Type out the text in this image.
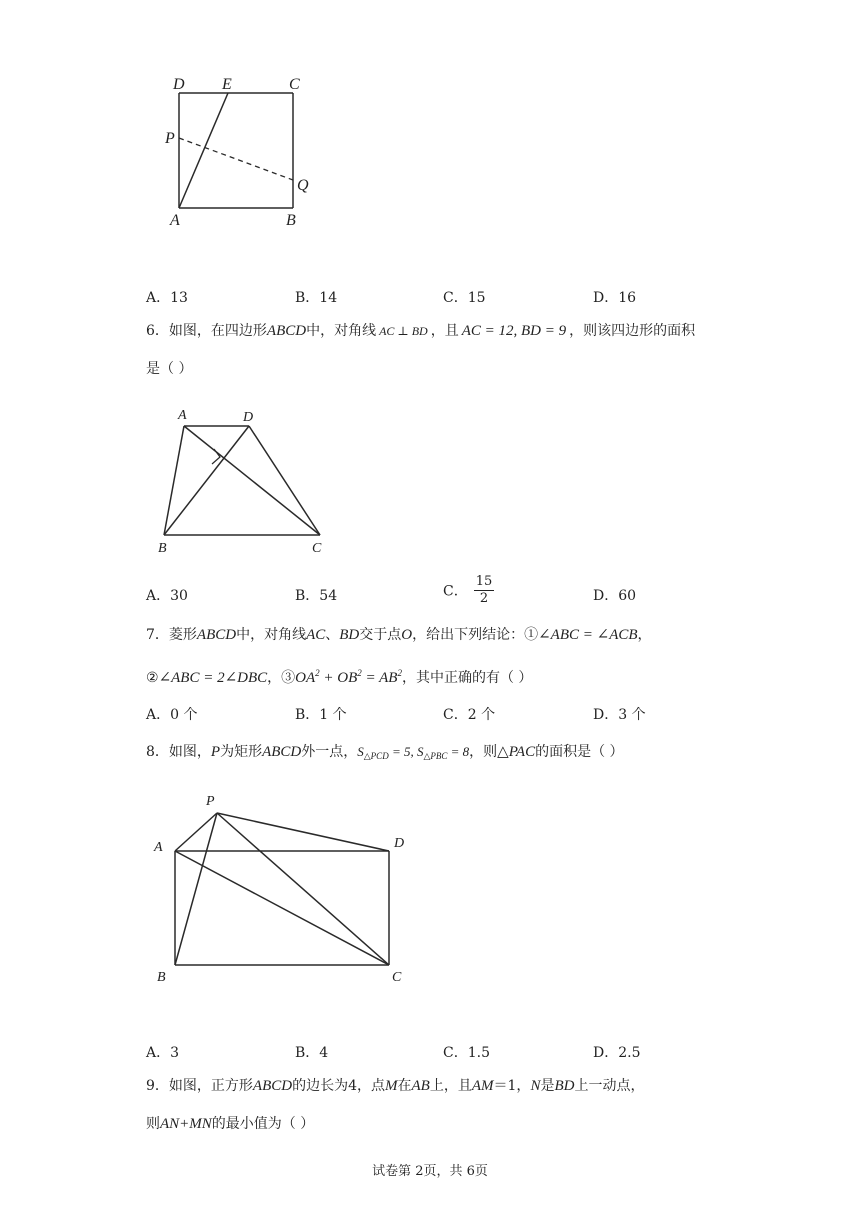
D E	C
P
Q
A	B
A．13	B．14	C．15	D．16
6．如图，在四边形ABCD中，对角线 AC ⊥ BD ，且 AC = 12, BD = 9 ，则该四边形的面积
是（ ）
A	D
B	C
A．30	B．54	C． $\frac{15}{2}$	D．60
7．菱形ABCD中，对角线AC、BD交于点O，给出下列结论：①∠ABC = ∠ACB，
②∠ABC = 2∠DBC，$③OA^2 + OB^2 = AB^2$，其中正确的有（ ）
A．0 个	B．1 个	C．2 个	D．3 个
8．如图，P为矩形ABCD外一点，$S_{\triangle PCD} = 5$, $S_{\triangle PBC} = 8$，则△PAC的面积是（ ）
P
A	D
B	C
A．3	B．4	C．1.5	D．2.5
9．如图，正方形ABCD的边长为4，点M在AB上，且AM＝1，N是BD上一动点，
则AN+MN的最小值为（ ）
试卷第 2页，共 6页
